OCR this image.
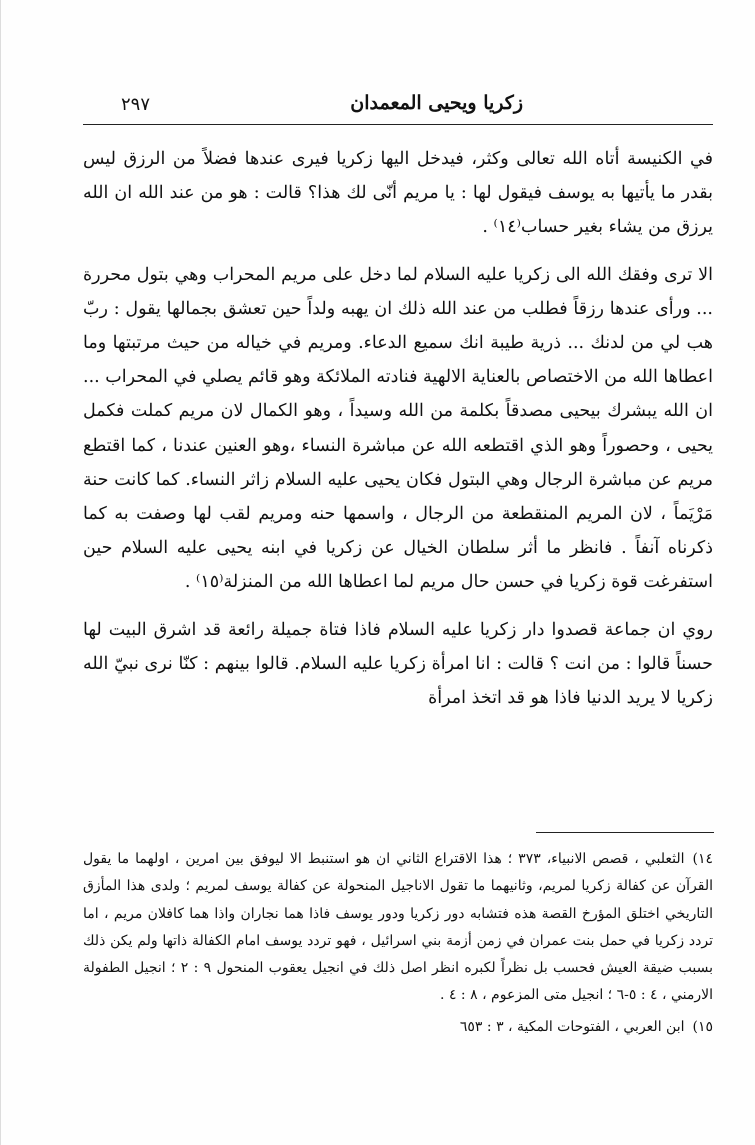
٢٩٧	زكريا ويحيى المعمدان

في الكنيسة أتاه الله تعالى وكثر، فيدخل اليها زكريا فيرى عندها فضلاً من الرزق ليس بقدر ما يأتيها به يوسف فيقول لها : يا مريم أنّى لك هذا؟ قالت : هو من عند الله ان الله يرزق من يشاء بغير حساب⁽١٤⁾ .

الا ترى وفقك الله الى زكريا عليه السلام لما دخل على مريم المحراب وهي بتول محررة ... ورأى عندها رزقاً فطلب من عند الله ذلك ان يهبه ولداً حين تعشق بجمالها يقول : ربّ هب لي من لدنك ... ذرية طيبة انك سميع الدعاء. ومريم في خياله من حيث مرتبتها وما اعطاها الله من الاختصاص بالعناية الالهية فنادته الملائكة وهو قائم يصلي في المحراب ... ان الله يبشرك بيحيى مصدقاً بكلمة من الله وسيداً ، وهو الكمال لان مريم كملت فكمل يحيى ، وحصوراً وهو الذي اقتطعه الله عن مباشرة النساء ،وهو العنين عندنا ، كما اقتطع مريم عن مباشرة الرجال وهي البتول فكان يحيى عليه السلام زاثر النساء. كما كانت حنة مَرْيَماً ، لان المريم المنقطعة من الرجال ، واسمها حنه ومريم لقب لها وصفت به كما ذكرناه آنفاً . فانظر ما أثر سلطان الخيال عن زكريا في ابنه يحيى عليه السلام حين استفرغت قوة زكريا في حسن حال مريم لما اعطاها الله من المنزلة⁽١٥⁾ .

روي ان جماعة قصدوا دار زكريا عليه السلام فاذا فتاة جميلة رائعة قد اشرق البيت لها حسناً قالوا : من انت ؟ قالت : انا امرأة زكريا عليه السلام. قالوا بينهم : كنّا نرى نبيّ الله زكريا لا يريد الدنيا فاذا هو قد اتخذ امرأة

١٤)الثعلبي ، قصص الانبياء، ٣٧٣ ؛ هذا الاقتراع الثاني ان هو استنبط الا ليوفق بين امرين ، اولهما ما يقول القرآن عن كفالة زكريا لمريم، وثانيهما ما تقول الاناجيل المنحولة عن كفالة يوسف لمريم ؛ ولدى هذا المأزق التاريخي اختلق المؤرخ القصة هذه فتشابه دور زكريا ودور يوسف فاذا هما نجاران واذا هما كافلان مريم ، اما تردد زكريا في حمل بنت عمران في زمن أزمة بني اسرائيل ، فهو تردد يوسف امام الكفالة ذاتها ولم يكن ذلك بسبب ضيقة العيش فحسب بل نظراً لكبره انظر اصل ذلك في انجيل يعقوب المنحول ٩ : ٢ ؛ انجيل الطفولة الارمني ، ٤ : ٥-٦ ؛ انجيل متى المزعوم ، ٨ : ٤ .

١٥)ابن العربي ، الفتوحات المكية ، ٣ : ٦٥٣
